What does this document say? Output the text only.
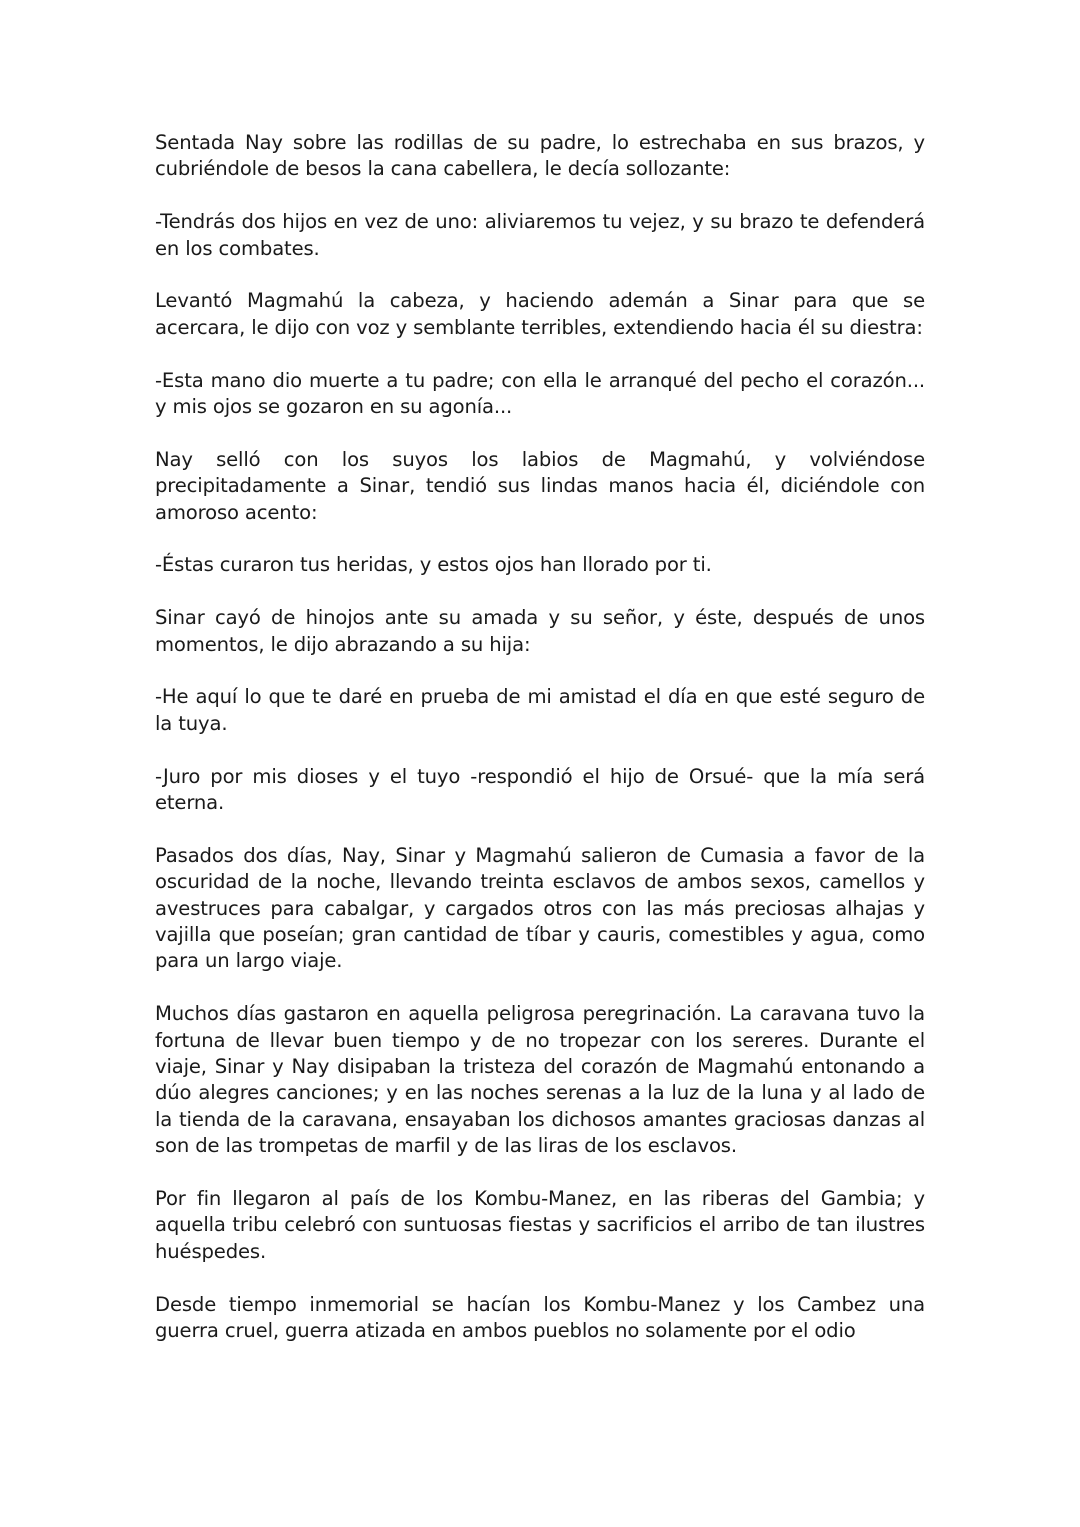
Sentada Nay sobre las rodillas de su padre, lo estrechaba en sus brazos, y cubriéndole de besos la cana cabellera, le decía sollozante:

-Tendrás dos hijos en vez de uno: aliviaremos tu vejez, y su brazo te defenderá en los combates.

Levantó Magmahú la cabeza, y haciendo ademán a Sinar para que se acercara, le dijo con voz y semblante terribles, extendiendo hacia él su diestra:

-Esta mano dio muerte a tu padre; con ella le arranqué del pecho el corazón... y mis ojos se gozaron en su agonía...

Nay selló con los suyos los labios de Magmahú, y volviéndose precipitadamente a Sinar, tendió sus lindas manos hacia él, diciéndole con amoroso acento:

-Éstas curaron tus heridas, y estos ojos han llorado por ti.

Sinar cayó de hinojos ante su amada y su señor, y éste, después de unos momentos, le dijo abrazando a su hija:

-He aquí lo que te daré en prueba de mi amistad el día en que esté seguro de la tuya.

-Juro por mis dioses y el tuyo -respondió el hijo de Orsué- que la mía será eterna.

Pasados dos días, Nay, Sinar y Magmahú salieron de Cumasia a favor de la oscuridad de la noche, llevando treinta esclavos de ambos sexos, camellos y avestruces para cabalgar, y cargados otros con las más preciosas alhajas y vajilla que poseían; gran cantidad de tíbar y cauris, comestibles y agua, como para un largo viaje.

Muchos días gastaron en aquella peligrosa peregrinación. La caravana tuvo la fortuna de llevar buen tiempo y de no tropezar con los sereres. Durante el viaje, Sinar y Nay disipaban la tristeza del corazón de Magmahú entonando a dúo alegres canciones; y en las noches serenas a la luz de la luna y al lado de la tienda de la caravana, ensayaban los dichosos amantes graciosas danzas al son de las trompetas de marfil y de las liras de los esclavos.

Por fin llegaron al país de los Kombu-Manez, en las riberas del Gambia; y aquella tribu celebró con suntuosas fiestas y sacrificios el arribo de tan ilustres huéspedes.

Desde tiempo inmemorial se hacían los Kombu-Manez y los Cambez una guerra cruel, guerra atizada en ambos pueblos no solamente por el odio
